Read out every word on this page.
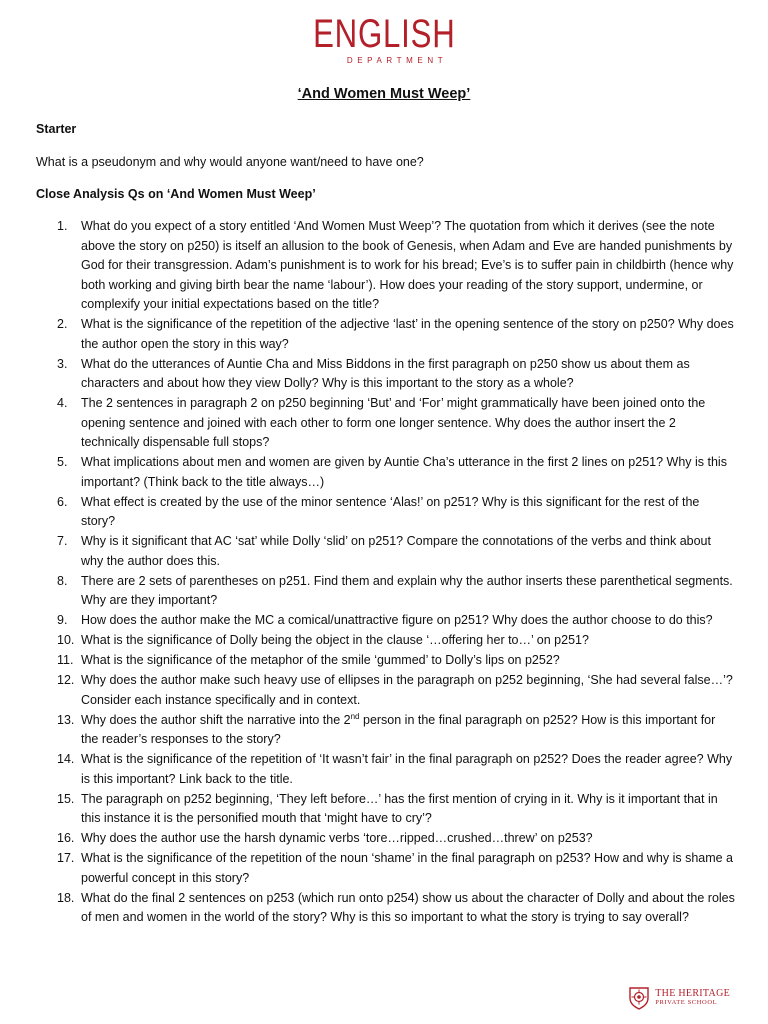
ENGLISH
DEPARTMENT
‘And Women Must Weep’
Starter
What is a pseudonym and why would anyone want/need to have one?
Close Analysis Qs on ‘And Women Must Weep’
1. What do you expect of a story entitled ‘And Women Must Weep’? The quotation from which it derives (see the note above the story on p250) is itself an allusion to the book of Genesis, when Adam and Eve are handed punishments by God for their transgression. Adam’s punishment is to work for his bread; Eve’s is to suffer pain in childbirth (hence why both working and giving birth bear the name ‘labour’). How does your reading of the story support, undermine, or complexify your initial expectations based on the title?
2. What is the significance of the repetition of the adjective ‘last’ in the opening sentence of the story on p250? Why does the author open the story in this way?
3. What do the utterances of Auntie Cha and Miss Biddons in the first paragraph on p250 show us about them as characters and about how they view Dolly? Why is this important to the story as a whole?
4. The 2 sentences in paragraph 2 on p250 beginning ‘But’ and ‘For’ might grammatically have been joined onto the opening sentence and joined with each other to form one longer sentence. Why does the author insert the 2 technically dispensable full stops?
5. What implications about men and women are given by Auntie Cha’s utterance in the first 2 lines on p251? Why is this important? (Think back to the title always…)
6. What effect is created by the use of the minor sentence ‘Alas!’ on p251? Why is this significant for the rest of the story?
7. Why is it significant that AC ‘sat’ while Dolly ‘slid’ on p251? Compare the connotations of the verbs and think about why the author does this.
8. There are 2 sets of parentheses on p251. Find them and explain why the author inserts these parenthetical segments. Why are they important?
9. How does the author make the MC a comical/unattractive figure on p251? Why does the author choose to do this?
10. What is the significance of Dolly being the object in the clause ‘…offering her to…’ on p251?
11. What is the significance of the metaphor of the smile ‘gummed’ to Dolly’s lips on p252?
12. Why does the author make such heavy use of ellipses in the paragraph on p252 beginning, ‘She had several false…’? Consider each instance specifically and in context.
13. Why does the author shift the narrative into the 2nd person in the final paragraph on p252? How is this important for the reader’s responses to the story?
14. What is the significance of the repetition of ‘It wasn’t fair’ in the final paragraph on p252? Does the reader agree? Why is this important? Link back to the title.
15. The paragraph on p252 beginning, ‘They left before…’ has the first mention of crying in it. Why is it important that in this instance it is the personified mouth that ‘might have to cry’?
16. Why does the author use the harsh dynamic verbs ‘tore…ripped…crushed…threw’ on p253?
17. What is the significance of the repetition of the noun ‘shame’ in the final paragraph on p253? How and why is shame a powerful concept in this story?
18. What do the final 2 sentences on p253 (which run onto p254) show us about the character of Dolly and about the roles of men and women in the world of the story? Why is this so important to what the story is trying to say overall?
THE HERITAGE
PRIVATE SCHOOL
